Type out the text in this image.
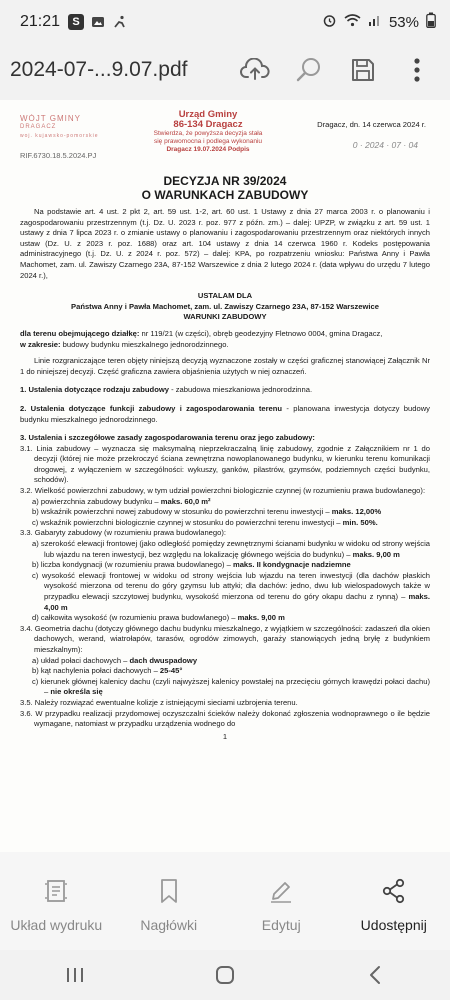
21:21	S	53%
2024-07-...9.07.pdf
WÓJT GMINY
DRAGACZ
woj. kujawsko-pomorskie
RIF.6730.18.5.2024.PJ
Urząd Gminy
86-134 Dragacz
Stwierdza, że powyższa decyzja stała
się prawomocna i podlega wykonaniu
Dragacz 19.07.2024 Podpis
Dragacz, dn. 14 czerwca 2024 r.
0 · 2024 · 07 · 04
DECYZJA NR 39/2024
O WARUNKACH ZABUDOWY

Na podstawie art. 4 ust. 2 pkt 2, art. 59 ust. 1-2, art. 60 ust. 1 Ustawy z dnia 27 marca 2003 r. o planowaniu i zagospodarowaniu przestrzennym (t.j. Dz. U. 2023 r. poz. 977 z późn. zm.) – dalej: UPZP, w związku z art. 59 ust. 1 ustawy z dnia 7 lipca 2023 r. o zmianie ustawy o planowaniu i zagospodarowaniu przestrzennym oraz niektórych innych ustaw (Dz. U. z 2023 r. poz. 1688) oraz art. 104 ustawy z dnia 14 czerwca 1960 r. Kodeks postępowania administracyjnego (t.j. Dz. U. z 2024 r. poz. 572) – dalej: KPA, po rozpatrzeniu wniosku: Państwa Anny i Pawła Machomet, zam. ul. Zawiszy Czarnego 23A, 87-152 Warszewice z dnia 2 lutego 2024 r. (data wpływu do urzędu 7 lutego 2024 r.),

USTALAM DLA

Państwa Anny i Pawła Machomet, zam. ul. Zawiszy Czarnego 23A, 87-152 Warszewice

WARUNKI ZABUDOWY

dla terenu obejmującego działkę: nr 119/21 (w części), obręb geodezyjny Fletnowo 0004, gmina Dragacz,

w zakresie: budowy budynku mieszkalnego jednorodzinnego.

Linie rozgraniczające teren objęty niniejszą decyzją wyznaczone zostały w części graficznej stanowiącej Załącznik Nr 1 do niniejszej decyzji. Część graficzna zawiera objaśnienia użytych w niej oznaczeń.

1. Ustalenia dotyczące rodzaju zabudowy - zabudowa mieszkaniowa jednorodzinna.

2. Ustalenia dotyczące funkcji zabudowy i zagospodarowania terenu - planowana inwestycja dotyczy budowy budynku mieszkalnego jednorodzinnego.

3. Ustalenia i szczegółowe zasady zagospodarowania terenu oraz jego zabudowy:

3.1. Linia zabudowy – wyznacza się maksymalną nieprzekraczalną linię zabudowy, zgodnie z Załącznikiem nr 1 do decyzji (której nie może przekroczyć ściana zewnętrzna nowoplanowanego budynku, w kierunku terenu komunikacji drogowej, z wyłączeniem w szczególności: wykuszy, ganków, pilastrów, gzymsów, podziemnych części budynku, schodów).

3.2. Wielkość powierzchni zabudowy, w tym udział powierzchni biologicznie czynnej (w rozumieniu prawa budowlanego):

a) powierzchnia zabudowy budynku – maks. 60,0 m²

b) wskaźnik powierzchni nowej zabudowy w stosunku do powierzchni terenu inwestycji – maks. 12,00%

c) wskaźnik powierzchni biologicznie czynnej w stosunku do powierzchni terenu inwestycji – min. 50%.

3.3. Gabaryty zabudowy (w rozumieniu prawa budowlanego):

a) szerokość elewacji frontowej (jako odległość pomiędzy zewnętrznymi ścianami budynku w widoku od strony wejścia lub wjazdu na teren inwestycji, bez względu na lokalizację głównego wejścia do budynku) – maks. 9,00 m

b) liczba kondygnacji (w rozumieniu prawa budowlanego) – maks. II kondygnacje nadziemne

c) wysokość elewacji frontowej w widoku od strony wejścia lub wjazdu na teren inwestycji (dla dachów płaskich wysokość mierzona od terenu do góry gzymsu lub attyki; dla dachów: jedno, dwu lub wielospadowych także w przypadku elewacji szczytowej budynku, wysokość mierzona od terenu do góry okapu dachu z rynną) – maks. 4,00 m

d) całkowita wysokość (w rozumieniu prawa budowlanego) – maks. 9,00 m

3.4. Geometria dachu (dotyczy głównego dachu budynku mieszkalnego, z wyjątkiem w szczególności: zadaszeń dla okien dachowych, werand, wiatrołapów, tarasów, ogrodów zimowych, garaży stanowiących jedną bryłę z budynkiem mieszkalnym):

a) układ połaci dachowych – dach dwuspadowy

b) kąt nachylenia połaci dachowych – 25-45°

c) kierunek głównej kalenicy dachu (czyli najwyższej kalenicy powstałej na przecięciu górnych krawędzi połaci dachu) – nie określa się

3.5. Należy rozwiązać ewentualne kolizje z istniejącymi sieciami uzbrojenia terenu.

3.6. W przypadku realizacji przydomowej oczyszczalni ścieków należy dokonać zgłoszenia wodnoprawnego o ile będzie wymagane, natomiast w przypadku urządzenia wodnego do

1

Układ wydruku	Nagłówki	Edytuj	Udostępnij
